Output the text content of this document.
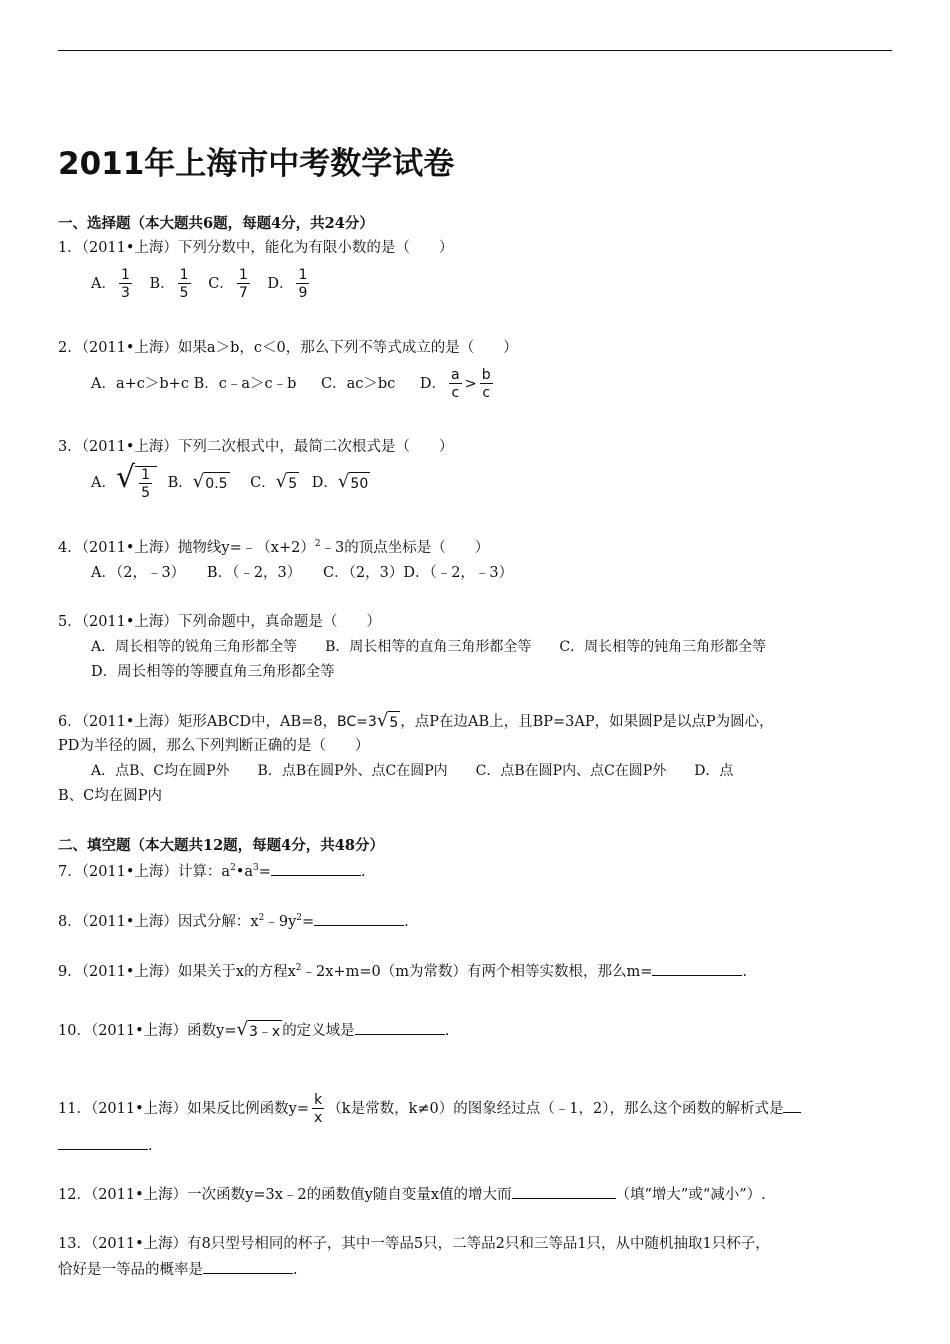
2011年上海市中考数学试卷
一、选择题（本大题共6题，每题4分，共24分）
1．（2011•上海）下列分数中，能化为有限小数的是（　　）
A． $\frac{1}{3}$ B． $\frac{1}{5}$ C． $\frac{1}{7}$ D． $\frac{1}{9}$
2．（2011•上海）如果a＞b，c＜0，那么下列不等式成立的是（　　）
A．a+c＞b+c B．c﹣a＞c﹣b C．ac＞bc D． $\frac{a}{c} > \frac{b}{c}$
3．（2011•上海）下列二次根式中，最简二次根式是（　　）
A．√ $\frac{1}{5}$ B．√0.5 C．√5 D．√50
4．（2011•上海）抛物线$y=﹣(x+2)^2﹣3$的顶点坐标是（　　）
A．（2，﹣3）　　B．（﹣2，3）　　C．（2，3）D．（﹣2，﹣3）
5．（2011•上海）下列命题中，真命题是（　　）
A．周长相等的锐角三角形都全等　　B．周长相等的直角三角形都全等　　C．周长相等的钝角三角形都全等
D．周长相等的等腰直角三角形都全等
6．（2011•上海）矩形ABCD中，AB=8，BC=3√5 ，点P在边AB上，且BP=3AP，如果圆P是以点P为圆心，
PD为半径的圆，那么下列判断正确的是（　　）
A．点B、C均在圆P外　　B．点B在圆P外、点C在圆P内　　C．点B在圆P内、点C在圆P外　　D．点
B、C均在圆P内
二、填空题（本大题共12题，每题4分，共48分）
7．（2011•上海）计算：$a^2•a^3=$	.
8．（2011•上海）因式分解：$x^2﹣9y^2=$	.
9．（2011•上海）如果关于x的方程$x^2﹣2x+m=0(m$为常数）有两个相等实数根，那么m=	.
10．（2011•上海）函数y=√3﹣x 的定义域是	.
11．（2011•上海）如果反比例函数$y= \frac{k}{x} (k$是常数，k≠0）的图象经过点（﹣1，2），那么这个函数的解析式是
.
12．（2011•上海）一次函数y=3x﹣2的函数值y随自变量x值的增大而	（填“增大”或“减小”）.
13．（2011•上海）有8只型号相同的杯子，其中一等品5只，二等品2只和三等品1只，从中随机抽取1只杯子，
恰好是一等品的概率是	.
